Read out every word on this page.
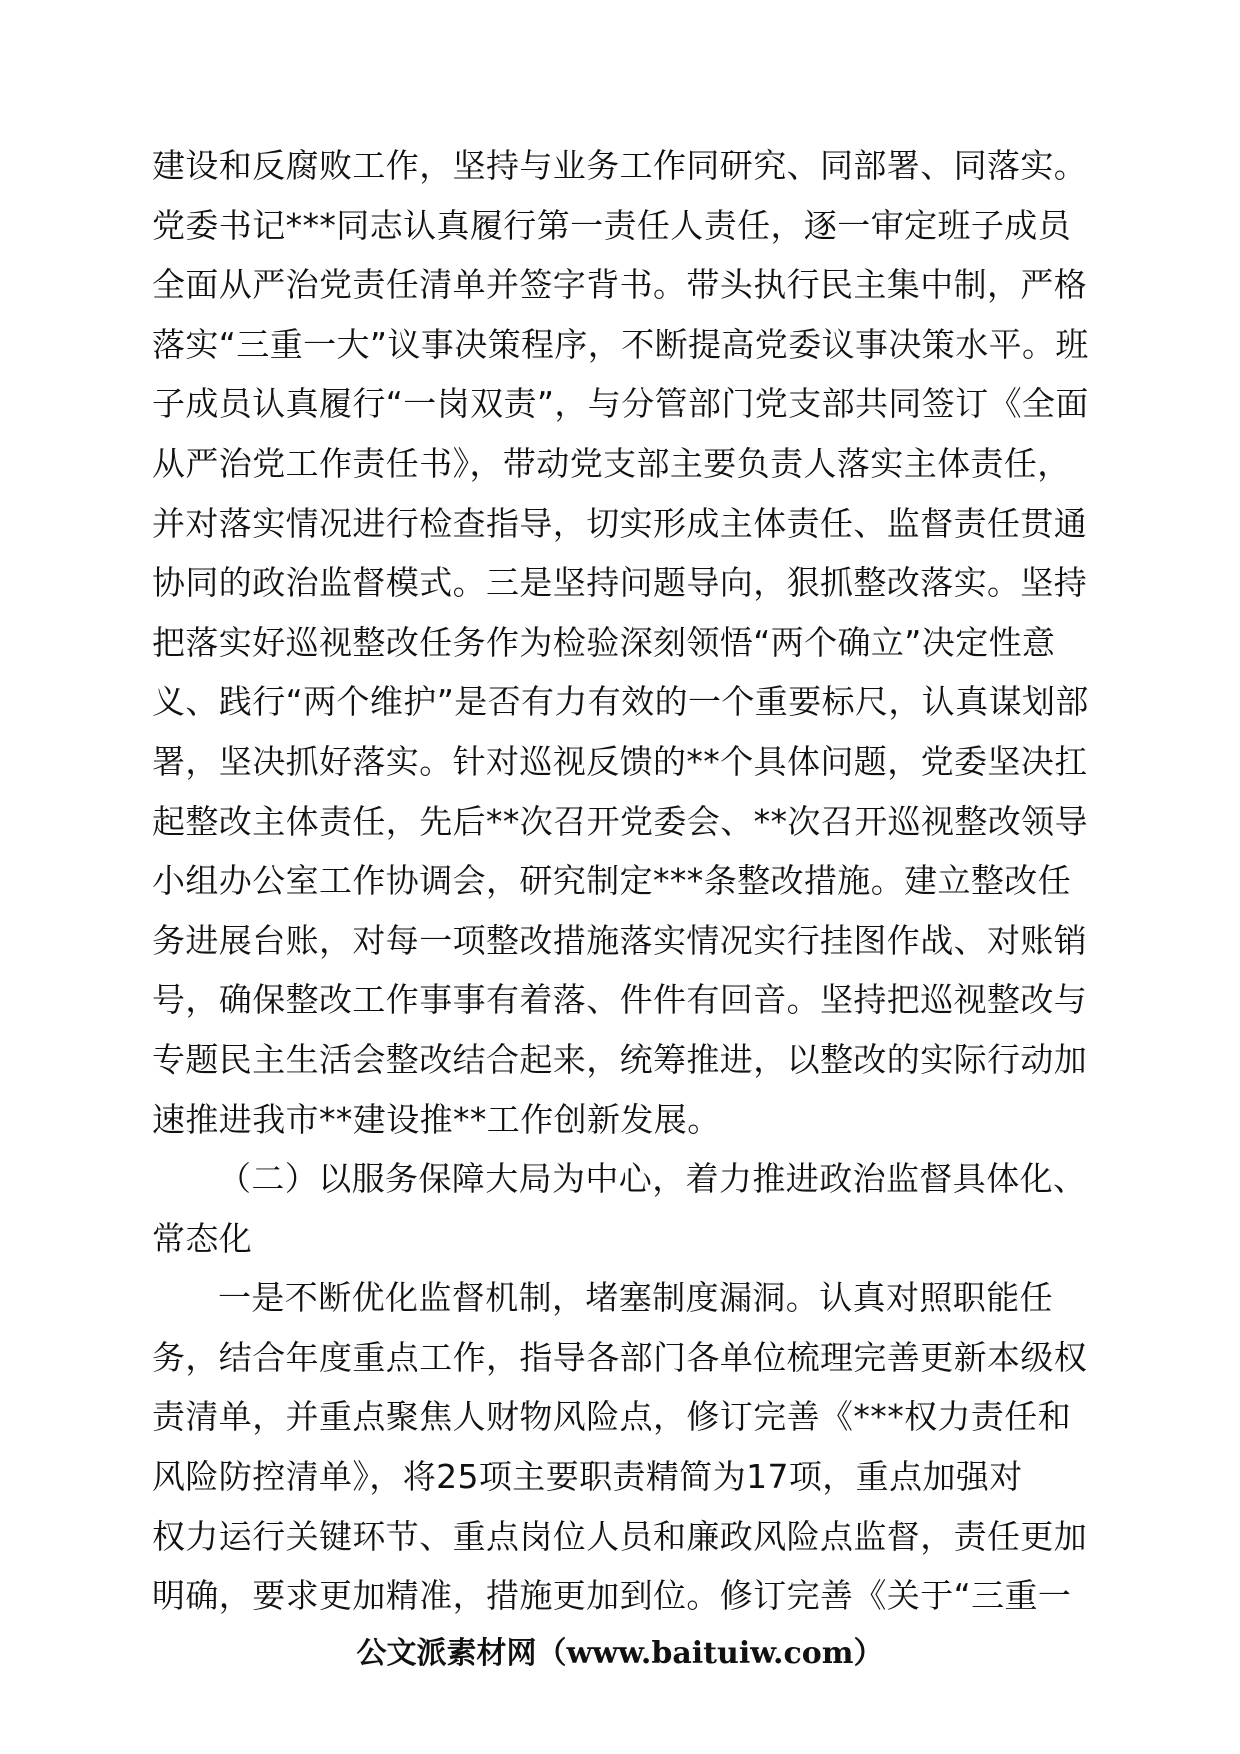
建设和反腐败工作，坚持与业务工作同研究、同部署、同落实。
党委书记***同志认真履行第一责任人责任，逐一审定班子成员
全面从严治党责任清单并签字背书。带头执行民主集中制，严格
落实“三重一大”议事决策程序，不断提高党委议事决策水平。班
子成员认真履行“一岗双责”，与分管部门党支部共同签订《全面
从严治党工作责任书》，带动党支部主要负责人落实主体责任，
并对落实情况进行检查指导，切实形成主体责任、监督责任贯通
协同的政治监督模式。三是坚持问题导向，狠抓整改落实。坚持
把落实好巡视整改任务作为检验深刻领悟“两个确立”决定性意
义、践行“两个维护”是否有力有效的一个重要标尺，认真谋划部
署，坚决抓好落实。针对巡视反馈的**个具体问题，党委坚决扛
起整改主体责任，先后**次召开党委会、**次召开巡视整改领导
小组办公室工作协调会，研究制定***条整改措施。建立整改任
务进展台账，对每一项整改措施落实情况实行挂图作战、对账销
号，确保整改工作事事有着落、件件有回音。坚持把巡视整改与
专题民主生活会整改结合起来，统筹推进，以整改的实际行动加
速推进我市**建设推**工作创新发展。
（二）以服务保障大局为中心，着力推进政治监督具体化、
常态化
一是不断优化监督机制，堵塞制度漏洞。认真对照职能任
务，结合年度重点工作，指导各部门各单位梳理完善更新本级权
责清单，并重点聚焦人财物风险点，修订完善《***权力责任和
风险防控清单》，将25项主要职责精简为17项，重点加强对
权力运行关键环节、重点岗位人员和廉政风险点监督，责任更加
明确，要求更加精准，措施更加到位。修订完善《关于“三重一
公文派素材网（www.baituiw.com）
